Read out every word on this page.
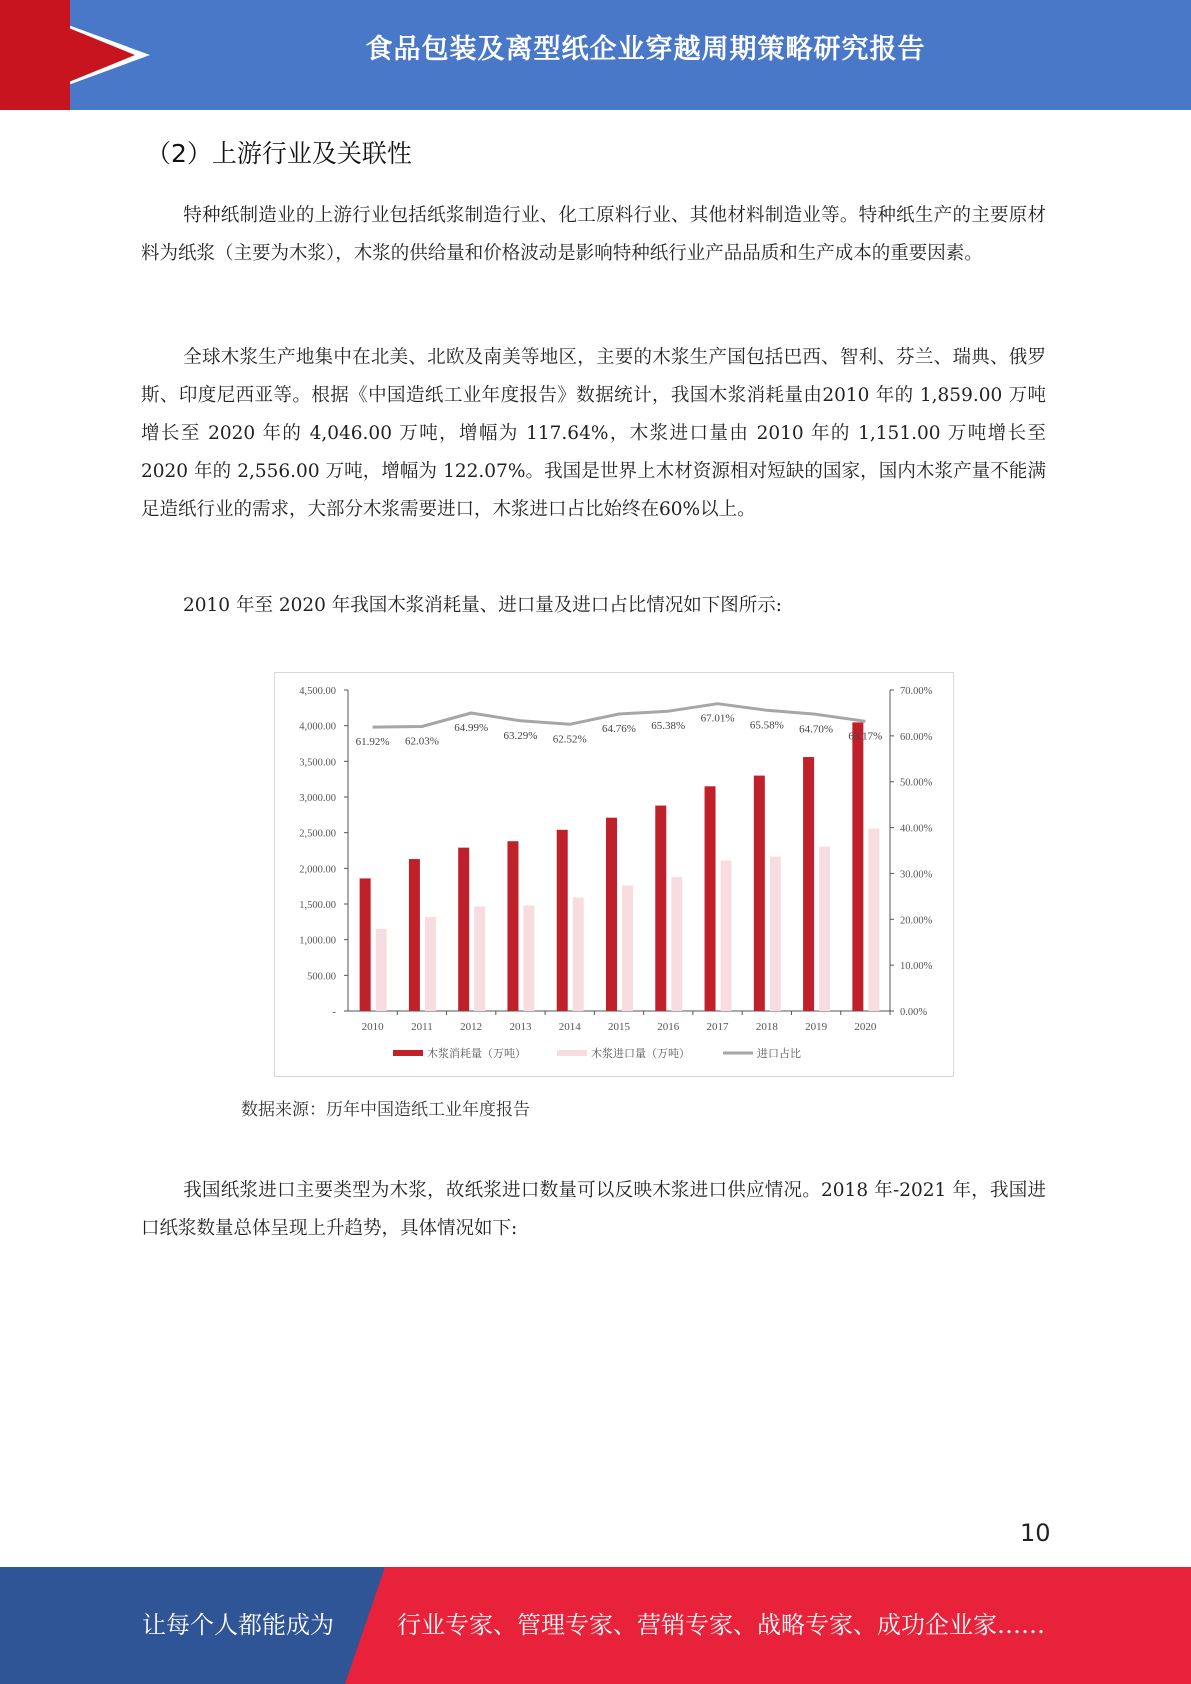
食品包装及离型纸企业穿越周期策略研究报告
（2）上游行业及关联性
特种纸制造业的上游行业包括纸浆制造行业、化工原料行业、其他材料制造业等。特种纸生产的主要原材料为纸浆（主要为木浆），木浆的供给量和价格波动是影响特种纸行业产品品质和生产成本的重要因素。
全球木浆生产地集中在北美、北欧及南美等地区，主要的木浆生产国包括巴西、智利、芬兰、瑞典、俄罗斯、印度尼西亚等。根据《中国造纸工业年度报告》数据统计，我国木浆消耗量由2010 年的 1,859.00 万吨增长至 2020 年的 4,046.00 万吨，增幅为 117.64%，木浆进口量由 2010 年的 1,151.00 万吨增长至 2020 年的 2,556.00 万吨，增幅为 122.07%。我国是世界上木材资源相对短缺的国家，国内木浆产量不能满足造纸行业的需求，大部分木浆需要进口，木浆进口占比始终在60%以上。
2010 年至 2020 年我国木浆消耗量、进口量及进口占比情况如下图所示:
-
500.00
1,000.00
1,500.00
2,000.00
2,500.00
3,000.00
3,500.00
4,000.00
4,500.00
0.00%
10.00%
20.00%
30.00%
40.00%
50.00%
60.00%
70.00%
2010 2011 2012 2013 2014 2015 2016 2017 2018 2019 2020
61.92% 62.03%
64.99%
63.29% 62.52%
64.76% 65.38%
67.01%
65.58% 64.70%
63.17%
木浆消耗量（万吨）	木浆进口量（万吨）	进口占比
数据来源：历年中国造纸工业年度报告
我国纸浆进口主要类型为木浆，故纸浆进口数量可以反映木浆进口供应情况。2018 年-2021 年，我国进口纸浆数量总体呈现上升趋势，具体情况如下:
10
让每个人都能成为	行业专家、管理专家、营销专家、战略专家、成功企业家……
